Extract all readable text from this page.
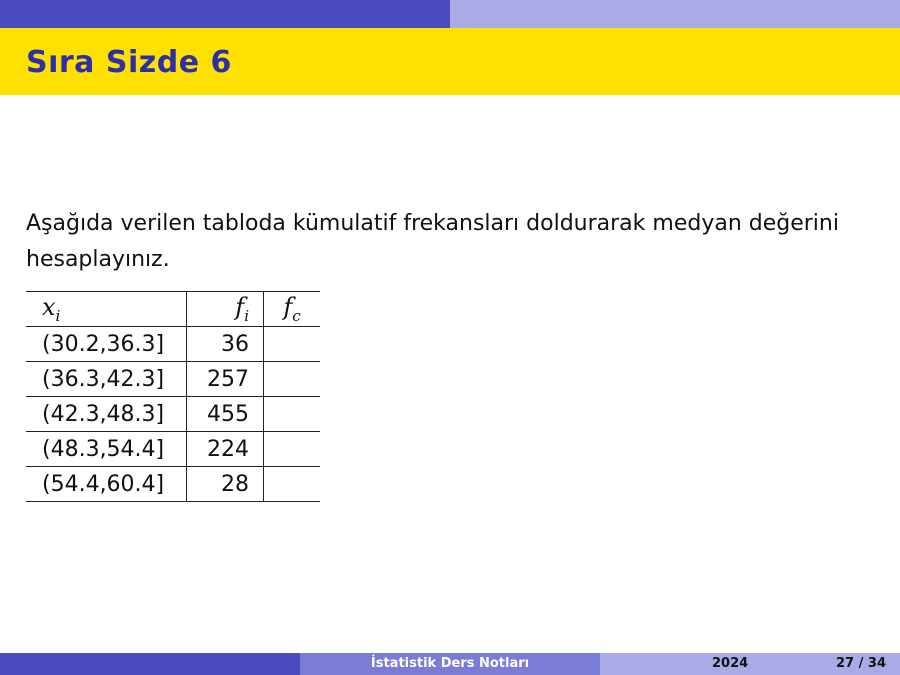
Sıra Sizde 6
Aşağıda verilen tabloda kümulatif frekansları doldurarak medyan değerini hesaplayınız.
$x_i$	$f_i$	$f_c$
(30.2,36.3]	36	
(36.3,42.3]	257	
(42.3,48.3]	455	
(48.3,54.4]	224	
(54.4,60.4]	28	
İstatistik Ders Notları	2024	27 / 34
